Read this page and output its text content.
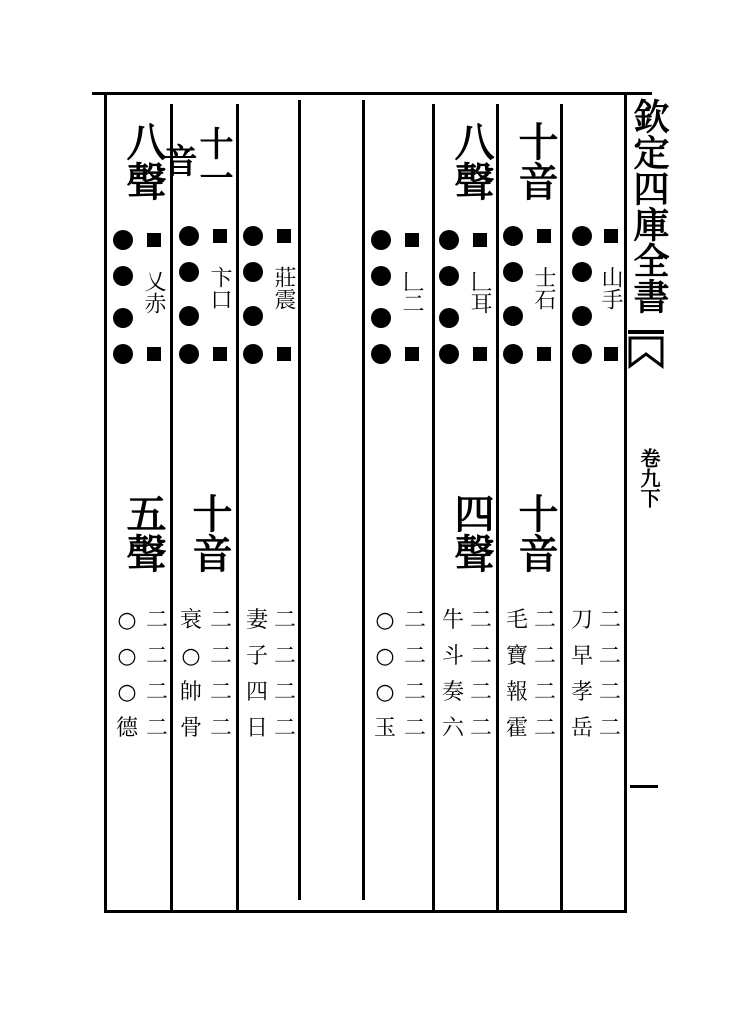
欽定四庫全書
卷九下
山手
二
刀
二
早
二
孝
二
岳
十音
士石
十音
二
毛
二
寶
二
報
二
霍
八聲
𠃊耳
四聲
二
牛
二
斗
二
奏
二
六
𠃊二
二
○
二
○
二
○
二
玉
莊震
二
妻
二
子
二
四
二
日
十一音
卞口
十音
二
衰
二
○
二
帥
二
骨
八聲
乂赤
五聲
二
○
二
○
二
○
二
德
